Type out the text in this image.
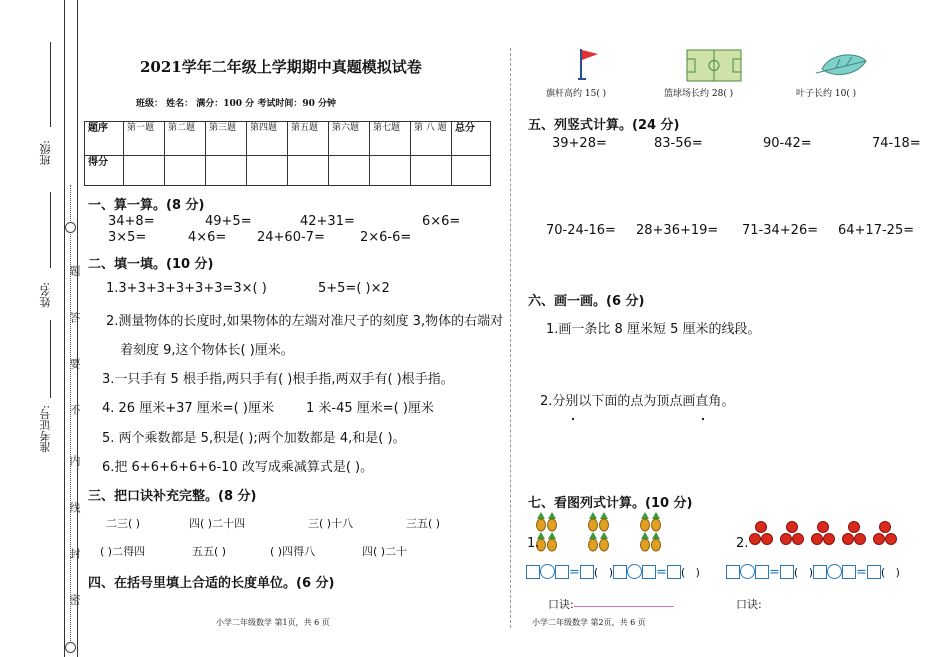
题
答
要
不
内
线
封
密
班级:
姓名:
准考证号:
2021学年二年级上学期期中真题模拟试卷
班级： 姓名： 满分：100 分 考试时间：90 分钟
题序	第一题	第二题	第三题	第四题	第五题	第六题	第七题	第 八 题	总分
得分									
一、算一算。(8 分)
34+8=	49+5=	42+31=	6×6=
3×5=	4×6= 24+60-7=	2×6-6=
二、填一填。(10 分)
1.3+3+3+3+3+3=3×( )	5+5=( )×2
2.测量物体的长度时,如果物体的左端对准尺子的刻度 3,物体的右端对
着刻度 9,这个物体长( )厘米。
3.一只手有 5 根手指,两只手有( )根手指,两双手有( )根手指。
4. 26 厘米+37 厘米=( )厘米 1 米-45 厘米=( )厘米
5. 两个乘数都是 5,积是( );两个加数都是 4,和是( )。
6.把 6+6+6+6+6-10 改写成乘减算式是( )。
三、把口诀补充完整。(8 分)
二三( )	四( )二十四	三( )十八	三五( )
( )二得四	五五( )	( )四得八	四( )二十
四、在括号里填上合适的长度单位。(6 分)
小学二年级数学 第1页，共 6 页
旗杆高约 15( )	篮球场长约 28( )	叶子长约 10( )
五、列竖式计算。(24 分)
39+28=	83-56=	90-42=	74-18=
70-24-16= 28+36+19= 71-34+26= 64+17-25=
六、画一画。(6 分)
1.画一条比 8 厘米短 5 厘米的线段。
2.分别以下面的点为顶点画直角。
七、看图列式计算。(10 分)
1.	2.
= (   )	= (   )	= (   )	= (   )
口诀:	口诀:
小学二年级数学 第2页，共 6 页
